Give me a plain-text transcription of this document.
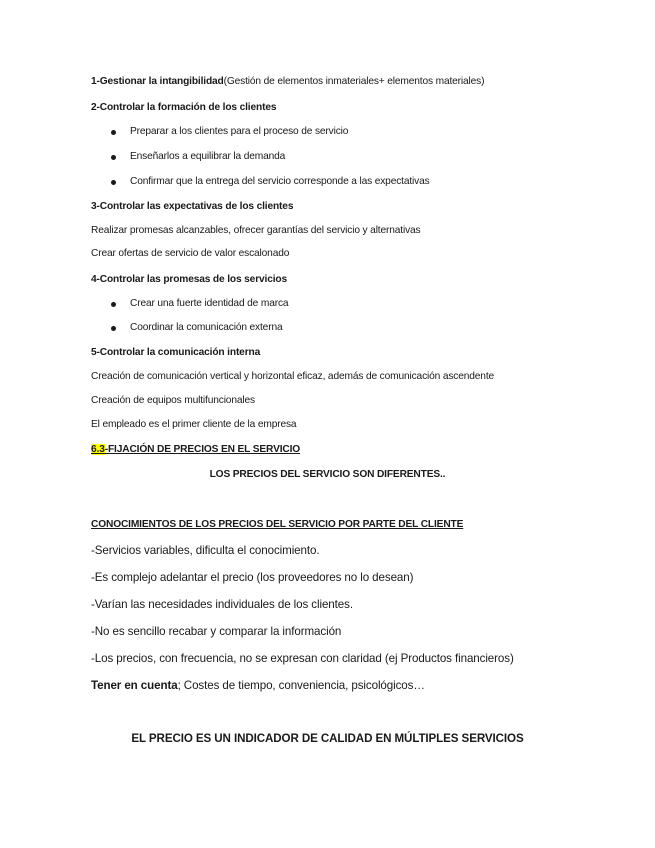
1-Gestionar la intangibilidad(Gestión de elementos inmateriales+ elementos materiales)
2-Controlar la formación de los clientes
Preparar a los clientes para el proceso de servicio
Enseñarlos a equilibrar la demanda
Confirmar que la entrega del servicio corresponde a las expectativas
3-Controlar las expectativas de los clientes
Realizar promesas alcanzables, ofrecer garantías del servicio y alternativas
Crear ofertas de servicio de valor escalonado
4-Controlar las promesas de los servicios
Crear una fuerte identidad de marca
Coordinar la comunicación externa
5-Controlar la comunicación interna
Creación de comunicación vertical y horizontal eficaz, además de comunicación ascendente
Creación de equipos multifuncionales
El empleado es el primer cliente de la empresa
6.3-FIJACIÓN DE PRECIOS EN EL SERVICIO
LOS PRECIOS DEL SERVICIO SON DIFERENTES..
CONOCIMIENTOS DE LOS PRECIOS DEL SERVICIO POR PARTE DEL CLIENTE
-Servicios variables, dificulta el conocimiento.
-Es complejo adelantar el precio (los proveedores no lo desean)
-Varían las necesidades individuales de los clientes.
-No es sencillo recabar y comparar la información
-Los precios, con frecuencia, no se expresan con claridad (ej Productos financieros)
Tener en cuenta; Costes de tiempo, conveniencia, psicológicos…
EL PRECIO ES UN INDICADOR DE CALIDAD EN MÚLTIPLES SERVICIOS
